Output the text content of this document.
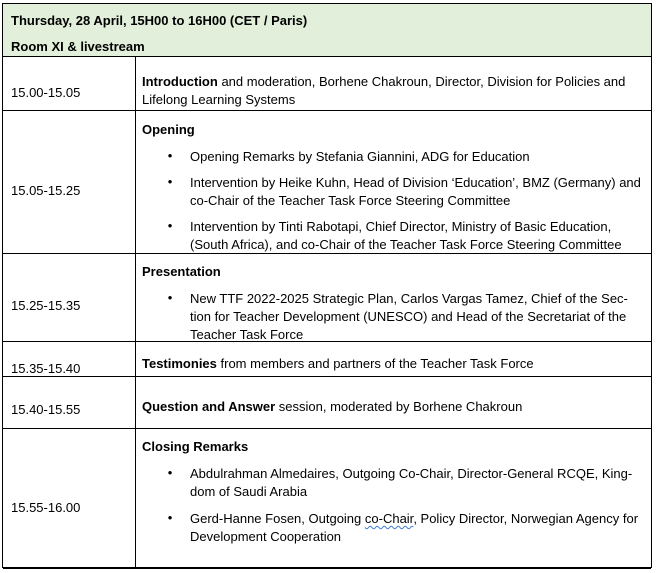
Thursday, 28 April, 15H00 to 16H00 (CET / Paris)
Room XI & livestream
15.00-15.05
Introduction and moderation, Borhene Chakroun, Director, Division for Policies and Lifelong Learning Systems
15.05-15.25
Opening
• Opening Remarks by Stefania Giannini, ADG for Education
• Intervention by Heike Kuhn, Head of Division ‘Education’, BMZ (Germany) and co-Chair of the Teacher Task Force Steering Committee
• Intervention by Tinti Rabotapi, Chief Director, Ministry of Basic Education, (South Africa), and co-Chair of the Teacher Task Force Steering Committee
15.25-15.35
Presentation
• New TTF 2022-2025 Strategic Plan, Carlos Vargas Tamez, Chief of the Sec-tion for Teacher Development (UNESCO) and Head of the Secretariat of the Teacher Task Force
15.35-15.40	Testimonies from members and partners of the Teacher Task Force
15.40-15.55	Question and Answer session, moderated by Borhene Chakroun
15.55-16.00
Closing Remarks
• Abdulrahman Almedaires, Outgoing Co-Chair, Director-General RCQE, King-dom of Saudi Arabia
• Gerd-Hanne Fosen, Outgoing co-Chair, Policy Director, Norwegian Agency for Development Cooperation
